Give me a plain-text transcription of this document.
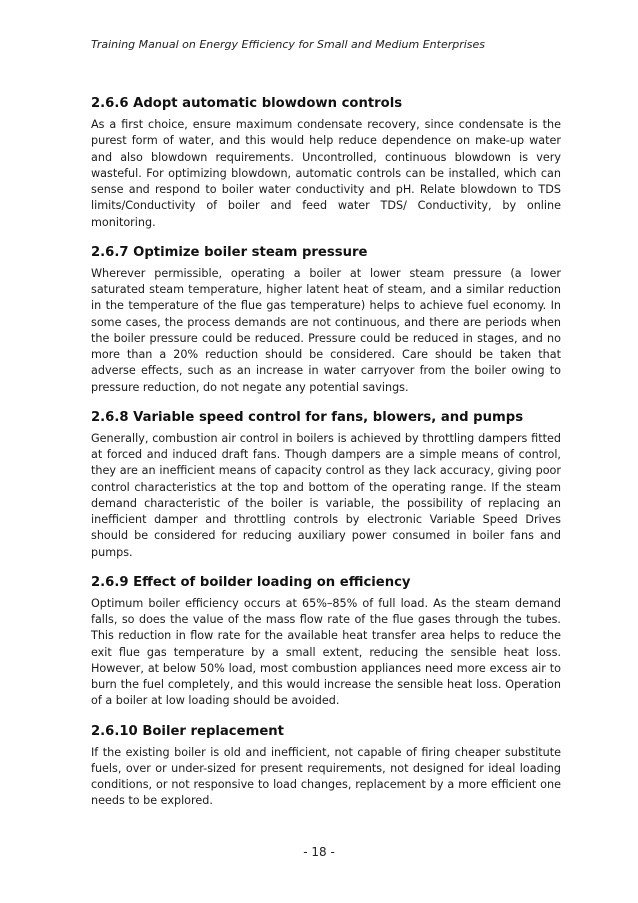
Training Manual on Energy Efficiency for Small and Medium Enterprises
2.6.6 Adopt automatic blowdown controls

As a first choice, ensure maximum condensate recovery, since condensate is the purest form of water, and this would help reduce dependence on make-up water and also blowdown requirements. Uncontrolled, continuous blowdown is very wasteful. For optimizing blowdown, automatic controls can be installed, which can sense and respond to boiler water conductivity and pH. Relate blowdown to TDS limits/Conductivity of boiler and feed water TDS/ Conductivity, by online monitoring.

2.6.7 Optimize boiler steam pressure

Wherever permissible, operating a boiler at lower steam pressure (a lower saturated steam temperature, higher latent heat of steam, and a similar reduction in the temperature of the flue gas temperature) helps to achieve fuel economy. In some cases, the process demands are not continuous, and there are periods when the boiler pressure could be reduced. Pressure could be reduced in stages, and no more than a 20% reduction should be considered. Care should be taken that adverse effects, such as an increase in water carryover from the boiler owing to pressure reduction, do not negate any potential savings.

2.6.8 Variable speed control for fans, blowers, and pumps

Generally, combustion air control in boilers is achieved by throttling dampers fitted at forced and induced draft fans. Though dampers are a simple means of control, they are an inefficient means of capacity control as they lack accuracy, giving poor control characteristics at the top and bottom of the operating range. If the steam demand characteristic of the boiler is variable, the possibility of replacing an inefficient damper and throttling controls by electronic Variable Speed Drives should be considered for reducing auxiliary power consumed in boiler fans and pumps.

2.6.9 Effect of boilder loading on efficiency

Optimum boiler efficiency occurs at 65%–85% of full load. As the steam demand falls, so does the value of the mass flow rate of the flue gases through the tubes. This reduction in flow rate for the available heat transfer area helps to reduce the exit flue gas temperature by a small extent, reducing the sensible heat loss. However, at below 50% load, most combustion appliances need more excess air to burn the fuel completely, and this would increase the sensible heat loss. Operation of a boiler at low loading should be avoided.

2.6.10 Boiler replacement

If the existing boiler is old and inefficient, not capable of firing cheaper substitute fuels, over or under-sized for present requirements, not designed for ideal loading conditions, or not responsive to load changes, replacement by a more efficient one needs to be explored.

- 18 -
